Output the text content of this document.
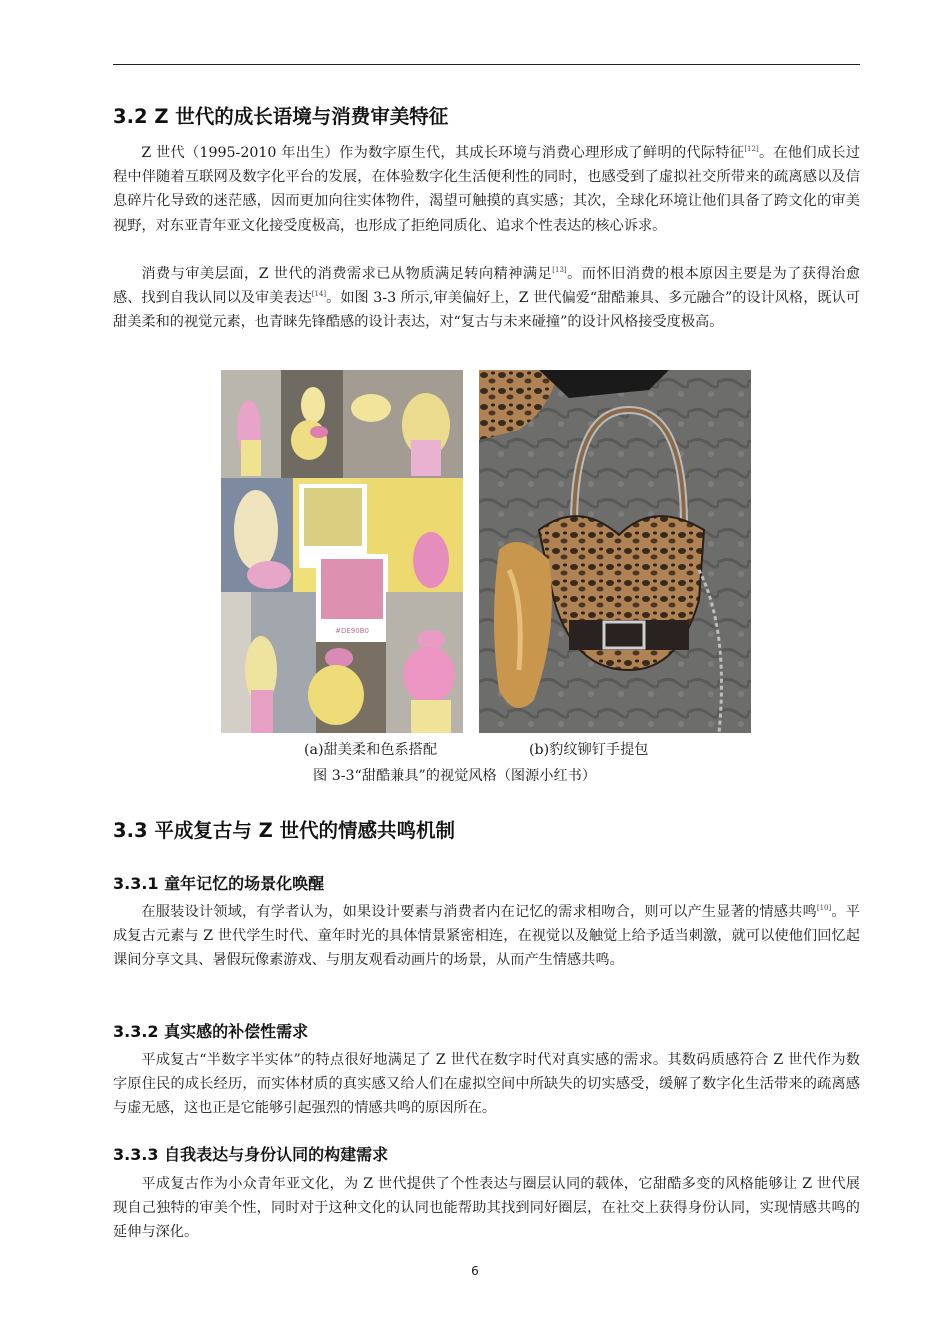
3.2 Z 世代的成长语境与消费审美特征

Z 世代（1995-2010 年出生）作为数字原生代，其成长环境与消费心理形成了鲜明的代际特征[12]。在他们成长过程中伴随着互联网及数字化平台的发展，在体验数字化生活便利性的同时，也感受到了虚拟社交所带来的疏离感以及信息碎片化导致的迷茫感，因而更加向往实体物件，渴望可触摸的真实感；其次，全球化环境让他们具备了跨文化的审美视野，对东亚青年亚文化接受度极高，也形成了拒绝同质化、追求个性表达的核心诉求。

消费与审美层面，Z 世代的消费需求已从物质满足转向精神满足[13]。而怀旧消费的根本原因主要是为了获得治愈感、找到自我认同以及审美表达[14]。如图 3-3 所示,审美偏好上，Z 世代偏爱“甜酷兼具、多元融合”的设计风格，既认可甜美柔和的视觉元素，也青睐先锋酷感的设计表达，对“复古与未来碰撞”的设计风格接受度极高。

#DE90B0
(a)甜美柔和色系搭配	(b)豹纹铆钉手提包
图 3-3“甜酷兼具”的视觉风格（图源小红书）
3.3 平成复古与 Z 世代的情感共鸣机制
3.3.1 童年记忆的场景化唤醒

在服装设计领域，有学者认为，如果设计要素与消费者内在记忆的需求相吻合，则可以产生显著的情感共鸣[10]。平成复古元素与 Z 世代学生时代、童年时光的具体情景紧密相连，在视觉以及触觉上给予适当刺激，就可以使他们回忆起课间分享文具、暑假玩像素游戏、与朋友观看动画片的场景，从而产生情感共鸣。

3.3.2 真实感的补偿性需求

平成复古“半数字半实体”的特点很好地满足了 Z 世代在数字时代对真实感的需求。其数码质感符合 Z 世代作为数字原住民的成长经历，而实体材质的真实感又给人们在虚拟空间中所缺失的切实感受，缓解了数字化生活带来的疏离感与虚无感，这也正是它能够引起强烈的情感共鸣的原因所在。

3.3.3 自我表达与身份认同的构建需求

平成复古作为小众青年亚文化，为 Z 世代提供了个性表达与圈层认同的载体，它甜酷多变的风格能够让 Z 世代展现自己独特的审美个性，同时对于这种文化的认同也能帮助其找到同好圈层，在社交上获得身份认同，实现情感共鸣的延伸与深化。

6
